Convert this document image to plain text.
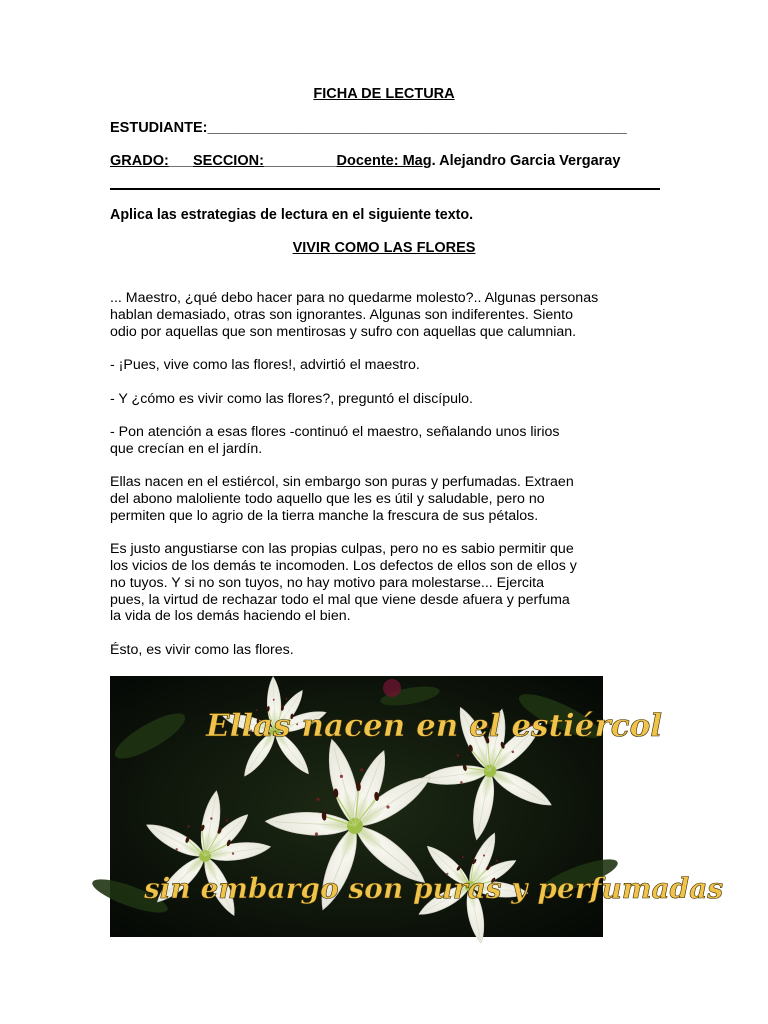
FICHA DE LECTURA
ESTUDIANTE:____________________________________________________
GRADO:___SECCION:_________Docente: Mag. Alejandro Garcia Vergaray
Aplica las estrategias de lectura en el siguiente texto.
VIVIR COMO LAS FLORES

... Maestro, ¿qué debo hacer para no quedarme molesto?.. Algunas personas
hablan demasiado, otras son ignorantes. Algunas son indiferentes. Siento
odio por aquellas que son mentirosas y sufro con aquellas que calumnian.

- ¡Pues, vive como las flores!, advirtió el maestro.

- Y ¿cómo es vivir como las flores?, preguntó el discípulo.

- Pon atención a esas flores -continuó el maestro, señalando unos lirios
que crecían en el jardín.

Ellas nacen en el estiércol, sin embargo son puras y perfumadas. Extraen
del abono maloliente todo aquello que les es útil y saludable, pero no
permiten que lo agrio de la tierra manche la frescura de sus pétalos.

Es justo angustiarse con las propias culpas, pero no es sabio permitir que
los vicios de los demás te incomoden. Los defectos de ellos son de ellos y
no tuyos. Y si no son tuyos, no hay motivo para molestarse... Ejercita
pues, la virtud de rechazar todo el mal que viene desde afuera y perfuma
la vida de los demás haciendo el bien.

Ésto, es vivir como las flores.

Ellas nacen en el estiércol
sin embargo son puras y perfumadas
